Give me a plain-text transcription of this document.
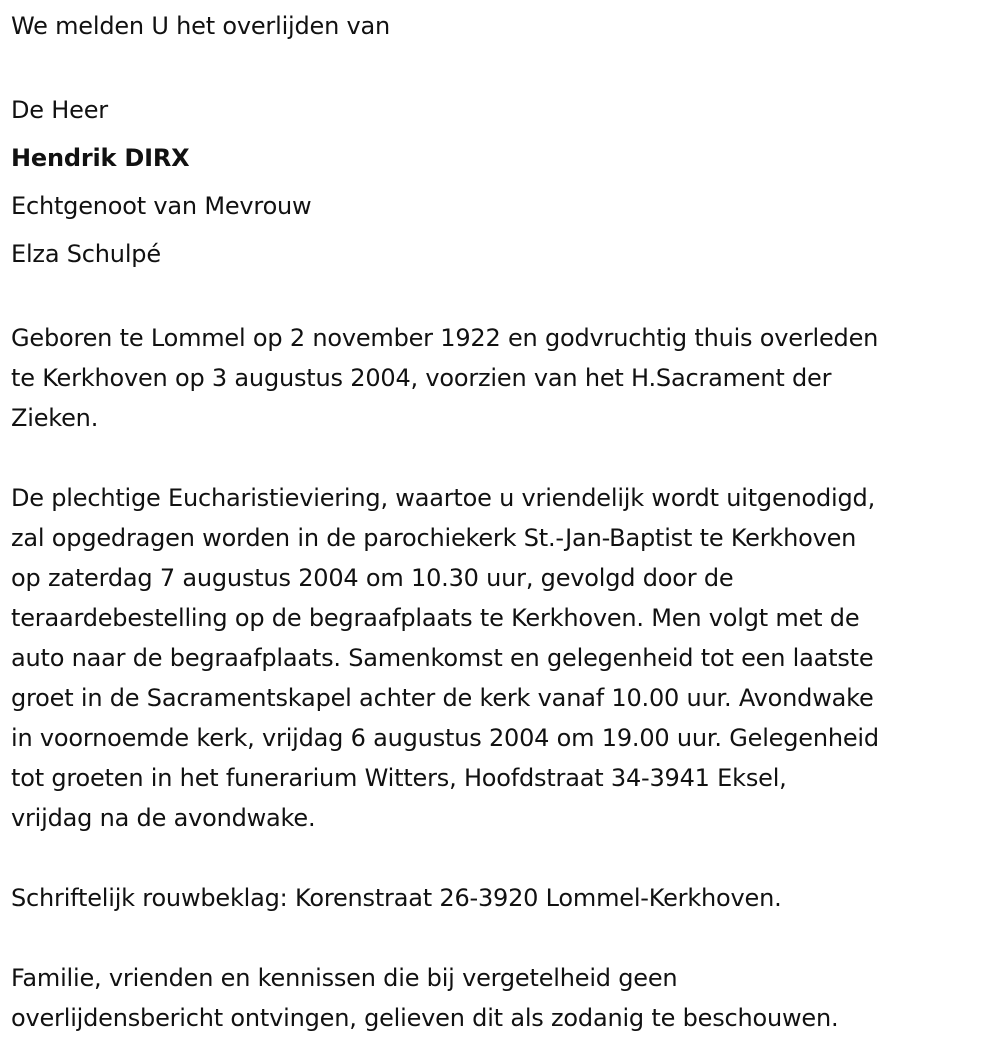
We melden U het overlijden van
De Heer
Hendrik DIRX
Echtgenoot van Mevrouw
Elza Schulpé
Geboren te Lommel op 2 november 1922 en godvruchtig thuis overleden
te Kerkhoven op 3 augustus 2004, voorzien van het H.Sacrament der
Zieken.
De plechtige Eucharistieviering, waartoe u vriendelijk wordt uitgenodigd,
zal opgedragen worden in de parochiekerk St.-Jan-Baptist te Kerkhoven
op zaterdag 7 augustus 2004 om 10.30 uur, gevolgd door de
teraardebestelling op de begraafplaats te Kerkhoven. Men volgt met de
auto naar de begraafplaats. Samenkomst en gelegenheid tot een laatste
groet in de Sacramentskapel achter de kerk vanaf 10.00 uur. Avondwake
in voornoemde kerk, vrijdag 6 augustus 2004 om 19.00 uur. Gelegenheid
tot groeten in het funerarium Witters, Hoofdstraat 34-3941 Eksel,
vrijdag na de avondwake.
Schriftelijk rouwbeklag: Korenstraat 26-3920 Lommel-Kerkhoven.
Familie, vrienden en kennissen die bij vergetelheid geen
overlijdensbericht ontvingen, gelieven dit als zodanig te beschouwen.
